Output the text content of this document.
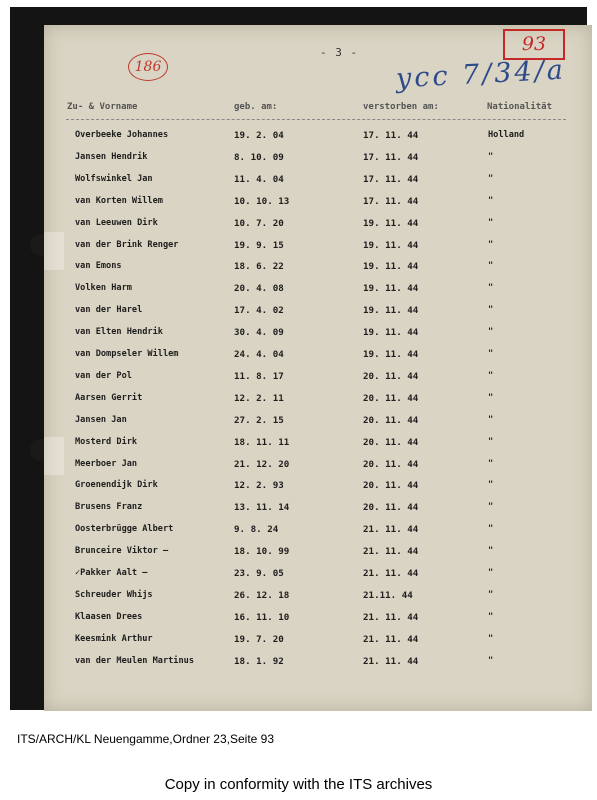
- 3 -
186	ycc 7/34/a
93
Zu- & Vorname	geb. am:	verstorben am:	Nationalität
Overbeeke Johannes	19. 2. 04	17. 11. 44	Holland
Jansen Hendrik	8. 10. 09	17. 11. 44	"
Wolfswinkel Jan	11. 4. 04	17. 11. 44	"
van Korten Willem	10. 10. 13	17. 11. 44	"
van Leeuwen Dirk	10. 7. 20	19. 11. 44	"
van der Brink Renger	19. 9. 15	19. 11. 44	"
van Emons	18. 6. 22	19. 11. 44	"
Volken Harm	20. 4. 08	19. 11. 44	"
van der Harel	17. 4. 02	19. 11. 44	"
van Elten Hendrik	30. 4. 09	19. 11. 44	"
van Dompseler Willem	24. 4. 04	19. 11. 44	"
van der Pol	11. 8. 17	20. 11. 44	"
Aarsen Gerrit	12. 2. 11	20. 11. 44	"
Jansen Jan	27. 2. 15	20. 11. 44	"
Mosterd Dirk	18. 11. 11	20. 11. 44	"
Meerboer Jan	21. 12. 20	20. 11. 44	"
Groenendijk Dirk	12. 2. 93	20. 11. 44	"
Brusens Franz	13. 11. 14	20. 11. 44	"
Oosterbrügge Albert	9. 8. 24	21. 11. 44	"
Brunceire Viktor —	18. 10. 99	21. 11. 44	"
✓Pakker Aalt —	23. 9. 05	21. 11. 44	"
Schreuder Whijs	26. 12. 18	21.11. 44	"
Klaasen Drees	16. 11. 10	21. 11. 44	"
Keesmink Arthur	19. 7. 20	21. 11. 44	"
van der Meulen Martinus	18. 1. 92	21. 11. 44	"
ITS/ARCH/KL Neuengamme,Ordner 23,Seite 93
Copy in conformity with the ITS archives
